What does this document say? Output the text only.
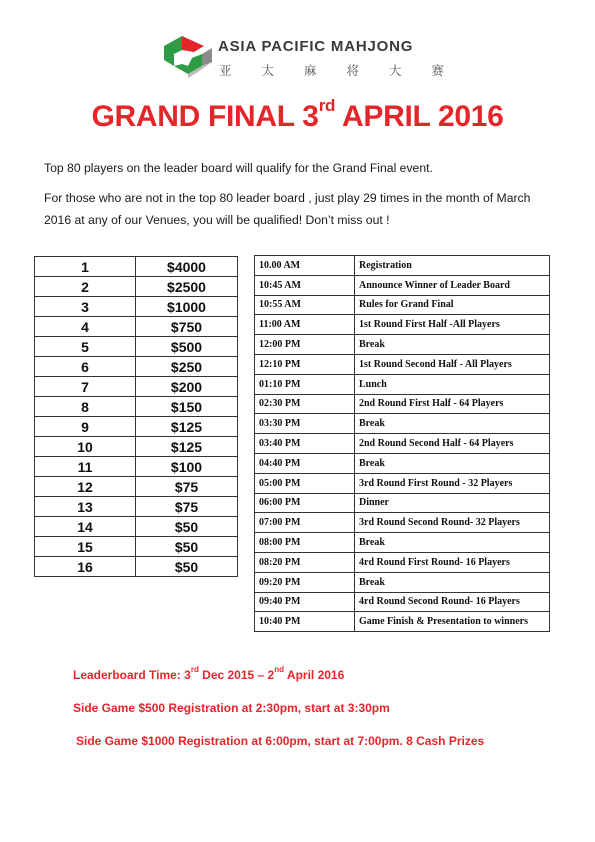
ASIA PACIFIC MAHJONG
亚 太 麻 将 大 赛
GRAND FINAL 3rd APRIL 2016
Top 80 players on the leader board will qualify for the Grand Final event.
For those who are not in the top 80 leader board , just play 29 times in the month of March 2016 at any of our Venues, you will be qualified! Don’t miss out !
1	$4000
2	$2500
3	$1000
4	$750
5	$500
6	$250
7	$200
8	$150
9	$125
10	$125
11	$100
12	$75
13	$75
14	$50
15	$50
16	$50
10.00 AM	Registration
10:45 AM	Announce Winner of Leader Board
10:55 AM	Rules for Grand Final
11:00 AM	1st Round First Half -All Players
12:00 PM	Break
12:10 PM	1st Round Second Half - All Players
01:10 PM	Lunch
02:30 PM	2nd Round First Half - 64 Players
03:30 PM	Break
03:40 PM	2nd Round Second Half - 64 Players
04:40 PM	Break
05:00 PM	3rd Round First Round - 32 Players
06:00 PM	Dinner
07:00 PM	3rd Round Second Round- 32 Players
08:00 PM	Break
08:20 PM	4rd Round First Round- 16 Players
09:20 PM	Break
09:40 PM	4rd Round Second Round- 16 Players
10:40 PM	Game Finish & Presentation to winners
Leaderboard Time: 3rd Dec 2015 – 2nd April 2016
Side Game $500 Registration at 2:30pm, start at 3:30pm
Side Game $1000 Registration at 6:00pm, start at 7:00pm. 8 Cash Prizes
